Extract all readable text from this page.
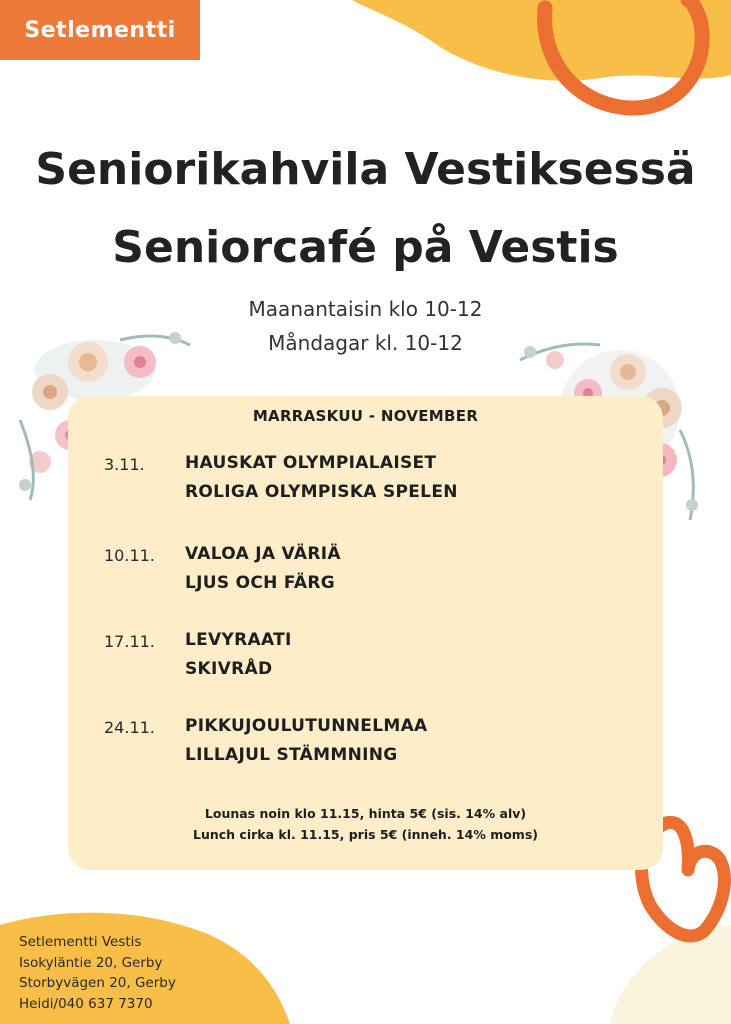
Setlementti
Seniorikahvila Vestiksessä
Seniorcafé på Vestis
Maanantaisin klo 10-12
Måndagar kl. 10-12
MARRASKUU - NOVEMBER
3.11. HAUSKAT OLYMPIALAISET
ROLIGA OLYMPISKA SPELEN
10.11. VALOA JA VÄRIÄ
LJUS OCH FÄRG
17.11. LEVYRAATI
SKIVRÅD
24.11. PIKKUJOULUTUNNELMAA
LILLAJUL STÄMMNING
Lounas noin klo 11.15, hinta 5€ (sis. 14% alv)
Lunch cirka kl. 11.15, pris 5€ (inneh. 14% moms)
Setlementti Vestis
Isokyläntie 20, Gerby
Storbyvägen 20, Gerby
Heidi/040 637 7370
